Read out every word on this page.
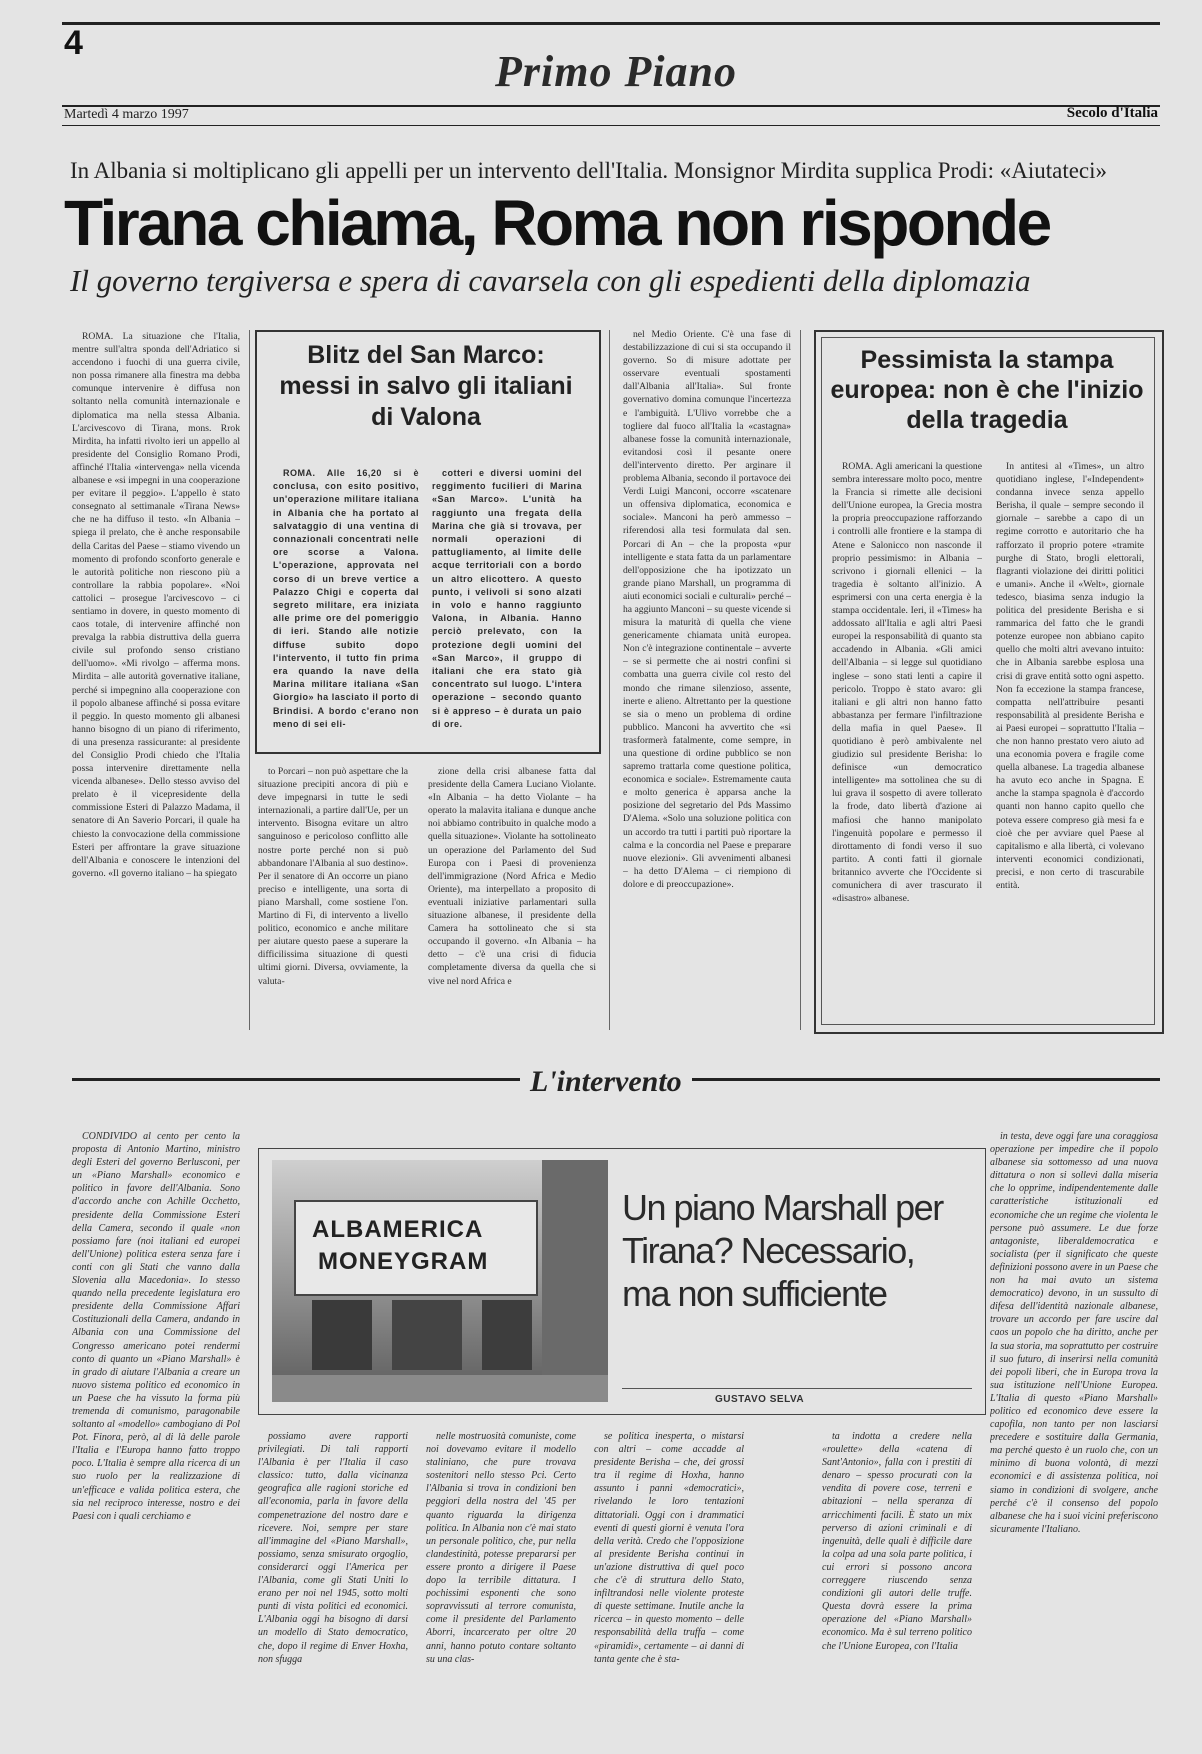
4
Primo Piano
Martedì 4 marzo 1997	Secolo d'Italia
In Albania si moltiplicano gli appelli per un intervento dell'Italia. Monsignor Mirdita supplica Prodi: «Aiutateci»
Tirana chiama, Roma non risponde
Il governo tergiversa e spera di cavarsela con gli espedienti della diplomazia

ROMA. La situazione che l'Italia, mentre sull'altra sponda dell'Adriatico si accendono i fuochi di una guerra civile, non possa rimanere alla finestra ma debba comunque intervenire è diffusa non soltanto nella comunità internazionale e diplomatica ma nella stessa Albania. L'arcivescovo di Tirana, mons. Rrok Mirdita, ha infatti rivolto ieri un appello al presidente del Consiglio Romano Prodi, affinché l'Italia «intervenga» nella vicenda albanese e «si impegni in una cooperazione per evitare il peggio». L'appello è stato consegnato al settimanale «Tirana News» che ne ha diffuso il testo. «In Albania – spiega il prelato, che è anche responsabile della Caritas del Paese – stiamo vivendo un momento di profondo sconforto generale e le autorità politiche non riescono più a controllare la rabbia popolare». «Noi cattolici – prosegue l'arcivescovo – ci sentiamo in dovere, in questo momento di caos totale, di intervenire affinché non prevalga la rabbia distruttiva della guerra civile sul profondo senso cristiano dell'uomo». «Mi rivolgo – afferma mons. Mirdita – alle autorità governative italiane, perché si impegnino alla cooperazione con il popolo albanese affinché si possa evitare il peggio. In questo momento gli albanesi hanno bisogno di un piano di riferimento, di una presenza rassicurante: al presidente del Consiglio Prodi chiedo che l'Italia possa intervenire direttamente nella vicenda albanese». Dello stesso avviso del prelato è il vicepresidente della commissione Esteri di Palazzo Madama, il senatore di An Saverio Porcari, il quale ha chiesto la convocazione della commissione Esteri per affrontare la grave situazione dell'Albania e conoscere le intenzioni del governo. «Il governo italiano – ha spiegato

to Porcari – non può aspettare che la situazione precipiti ancora di più e deve impegnarsi in tutte le sedi internazionali, a partire dall'Ue, per un intervento. Bisogna evitare un altro sanguinoso e pericoloso conflitto alle nostre porte perché non si può abbandonare l'Albania al suo destino». Per il senatore di An occorre un piano preciso e intelligente, una sorta di piano Marshall, come sostiene l'on. Martino di Fi, di intervento a livello politico, economico e anche militare per aiutare questo paese a superare la difficilissima situazione di questi ultimi giorni. Diversa, ovviamente, la valuta-

zione della crisi albanese fatta dal presidente della Camera Luciano Violante. «In Albania – ha detto Violante – ha operato la malavita italiana e dunque anche noi abbiamo contribuito in qualche modo a quella situazione». Violante ha sottolineato un operazione del Parlamento del Sud Europa con i Paesi di provenienza dell'immigrazione (Nord Africa e Medio Oriente), ma interpellato a proposito di eventuali iniziative parlamentari sulla situazione albanese, il presidente della Camera ha sottolineato che si sta occupando il governo. «In Albania – ha detto – c'è una crisi di fiducia completamente diversa da quella che si vive nel nord Africa e

nel Medio Oriente. C'è una fase di destabilizzazione di cui si sta occupando il governo. So di misure adottate per osservare eventuali spostamenti dall'Albania all'Italia». Sul fronte governativo domina comunque l'incertezza e l'ambiguità. L'Ulivo vorrebbe che a togliere dal fuoco all'Italia la «castagna» albanese fosse la comunità internazionale, evitandosi così il pesante onere dell'intervento diretto. Per arginare il problema Albania, secondo il portavoce dei Verdi Luigi Manconi, occorre «scatenare un offensiva diplomatica, economica e sociale». Manconi ha però ammesso – riferendosi alla tesi formulata dal sen. Porcari di An – che la proposta «pur intelligente e stata fatta da un parlamentare dell'opposizione che ha ipotizzato un grande piano Marshall, un programma di aiuti economici sociali e culturali» perché – ha aggiunto Manconi – su queste vicende si misura la maturità di quella che viene genericamente chiamata unità europea. Non c'è integrazione continentale – avverte – se si permette che ai nostri confini si combatta una guerra civile col resto del mondo che rimane silenzioso, assente, inerte e alieno. Altrettanto per la questione se sia o meno un problema di ordine pubblico. Manconi ha avvertito che «si trasformerà fatalmente, come sempre, in una questione di ordine pubblico se non sapremo trattarla come questione politica, economica e sociale». Estremamente cauta e molto generica è apparsa anche la posizione del segretario del Pds Massimo D'Alema. «Solo una soluzione politica con un accordo tra tutti i partiti può riportare la calma e la concordia nel Paese e preparare nuove elezioni». Gli avvenimenti albanesi – ha detto D'Alema – ci riempiono di dolore e di preoccupazione».

Blitz del San Marco: messi in salvo gli italiani di Valona

ROMA. Alle 16,20 si è conclusa, con esito positivo, un'operazione militare italiana in Albania che ha portato al salvataggio di una ventina di connazionali concentrati nelle ore scorse a Valona. L'operazione, approvata nel corso di un breve vertice a Palazzo Chigi e coperta dal segreto militare, era iniziata alle prime ore del pomeriggio di ieri. Stando alle notizie diffuse subito dopo l'intervento, il tutto fin prima era quando la nave della Marina militare italiana «San Giorgio» ha lasciato il porto di Brindisi. A bordo c'erano non meno di sei eli-

cotteri e diversi uomini del reggimento fucilieri di Marina «San Marco». L'unità ha raggiunto una fregata della Marina che già si trovava, per normali operazioni di pattugliamento, al limite delle acque territoriali con a bordo un altro elicottero. A questo punto, i velivoli si sono alzati in volo e hanno raggiunto Valona, in Albania. Hanno perciò prelevato, con la protezione degli uomini del «San Marco», il gruppo di italiani che era stato già concentrato sul luogo. L'intera operazione – secondo quanto si è appreso – è durata un paio di ore.

Pessimista la stampa europea: non è che l'inizio della tragedia

ROMA. Agli americani la questione sembra interessare molto poco, mentre la Francia si rimette alle decisioni dell'Unione europea, la Grecia mostra la propria preoccupazione rafforzando i controlli alle frontiere e la stampa di Atene e Salonicco non nasconde il proprio pessimismo: in Albania – scrivono i giornali ellenici – la tragedia è soltanto all'inizio. A esprimersi con una certa energia è la stampa occidentale. Ieri, il «Times» ha addossato all'Italia e agli altri Paesi europei la responsabilità di quanto sta accadendo in Albania. «Gli amici dell'Albania – si legge sul quotidiano inglese – sono stati lenti a capire il pericolo. Troppo è stato avaro: gli italiani e gli altri non hanno fatto abbastanza per fermare l'infiltrazione della mafia in quel Paese». Il quotidiano è però ambivalente nel giudizio sul presidente Berisha: lo definisce «un democratico intelligente» ma sottolinea che su di lui grava il sospetto di avere tollerato la frode, dato libertà d'azione ai mafiosi che hanno manipolato l'ingenuità popolare e permesso il dirottamento di fondi verso il suo partito. A conti fatti il giornale britannico avverte che l'Occidente si comunichera di aver trascurato il «disastro» albanese.

In antitesi al «Times», un altro quotidiano inglese, l'«Independent» condanna invece senza appello Berisha, il quale – sempre secondo il giornale – sarebbe a capo di un regime corrotto e autoritario che ha rafforzato il proprio potere «tramite purghe di Stato, brogli elettorali, flagranti violazione dei diritti politici e umani». Anche il «Welt», giornale tedesco, biasima senza indugio la politica del presidente Berisha e si rammarica del fatto che le grandi potenze europee non abbiano capito quello che molti altri avevano intuito: che in Albania sarebbe esplosa una crisi di grave entità sotto ogni aspetto. Non fa eccezione la stampa francese, compatta nell'attribuire pesanti responsabilità al presidente Berisha e ai Paesi europei – soprattutto l'Italia – che non hanno prestato vero aiuto ad una economia povera e fragile come quella albanese. La tragedia albanese ha avuto eco anche in Spagna. E anche la stampa spagnola è d'accordo quanti non hanno capito quello che poteva essere compreso già mesi fa e cioè che per avviare quel Paese al capitalismo e alla libertà, ci volevano interventi economici condizionati, precisi, e non certo di trascurabile entità.

L'intervento

CONDIVIDO al cento per cento la proposta di Antonio Martino, ministro degli Esteri del governo Berlusconi, per un «Piano Marshall» economico e politico in favore dell'Albania. Sono d'accordo anche con Achille Occhetto, presidente della Commissione Esteri della Camera, secondo il quale «non possiamo fare (noi italiani ed europei dell'Unione) politica estera senza fare i conti con gli Stati che vanno dalla Slovenia alla Macedonia». Io stesso quando nella precedente legislatura ero presidente della Commissione Affari Costituzionali della Camera, andando in Albania con una Commissione del Congresso americano potei rendermi conto di quanto un «Piano Marshall» è in grado di aiutare l'Albania a creare un nuovo sistema politico ed economico in un Paese che ha vissuto la forma più tremenda di comunismo, paragonabile soltanto al «modello» cambogiano di Pol Pot. Finora, però, al di là delle parole l'Italia e l'Europa hanno fatto troppo poco. L'Italia è sempre alla ricerca di un suo ruolo per la realizzazione di un'efficace e valida politica estera, che sia nel reciproco interesse, nostro e dei Paesi con i quali cerchiamo e

ALBAMERICA
MONEYGRAM
Un piano Marshall per Tirana? Necessario, ma non sufficiente
GUSTAVO SELVA

possiamo avere rapporti privilegiati. Di tali rapporti l'Albania è per l'Italia il caso classico: tutto, dalla vicinanza geografica alle ragioni storiche ed all'economia, parla in favore della compenetrazione del nostro dare e ricevere. Noi, sempre per stare all'immagine del «Piano Marshall», possiamo, senza smisurato orgoglio, considerarci oggi l'America per l'Albania, come gli Stati Uniti lo erano per noi nel 1945, sotto molti punti di vista politici ed economici. L'Albania oggi ha bisogno di darsi un modello di Stato democratico, che, dopo il regime di Enver Hoxha, non sfugga

nelle mostruosità comuniste, come noi dovevamo evitare il modello staliniano, che pure trovava sostenitori nello stesso Pci. Certo l'Albania si trova in condizioni ben peggiori della nostra del '45 per quanto riguarda la dirigenza politica. In Albania non c'è mai stato un personale politico, che, pur nella clandestinità, potesse prepararsi per essere pronto a dirigere il Paese dopo la terribile dittatura. I pochissimi esponenti che sono sopravvissuti al terrore comunista, come il presidente del Parlamento Aborri, incarcerato per oltre 20 anni, hanno potuto contare soltanto su una clas-

se politica inesperta, o mistarsi con altri – come accadde al presidente Berisha – che, dei grossi tra il regime di Hoxha, hanno assunto i panni «democratici», rivelando le loro tentazioni dittatoriali. Oggi con i drammatici eventi di questi giorni è venuta l'ora della verità. Credo che l'opposizione al presidente Berisha continui in un'azione distruttiva di quel poco che c'è di struttura dello Stato, infiltrandosi nelle violente proteste di queste settimane. Inutile anche la ricerca – in questo momento – delle responsabilità della truffa – come «piramidi», certamente – ai danni di tanta gente che è sta-

ta indotta a credere nella «roulette» della «catena di Sant'Antonio», falla con i prestiti di denaro – spesso procurati con la vendita di povere cose, terreni e abitazioni – nella speranza di arricchimenti facili. È stato un mix perverso di azioni criminali e di ingenuità, delle quali è difficile dare la colpa ad una sola parte politica, i cui errori si possono ancora correggere riuscendo senza condizioni gli autori delle truffe. Questa dovrà essere la prima operazione del «Piano Marshall» economico. Ma è sul terreno politico che l'Unione Europea, con l'Italia

in testa, deve oggi fare una coraggiosa operazione per impedire che il popolo albanese sia sottomesso ad una nuova dittatura o non si sollevi dalla miseria che lo opprime, indipendentemente dalle caratteristiche istituzionali ed economiche che un regime che violenta le persone può assumere. Le due forze antagoniste, liberaldemocratica e socialista (per il significato che queste definizioni possono avere in un Paese che non ha mai avuto un sistema democratico) devono, in un sussulto di difesa dell'identità nazionale albanese, trovare un accordo per fare uscire dal caos un popolo che ha diritto, anche per la sua storia, ma soprattutto per costruire il suo futuro, di inserirsi nella comunità dei popoli liberi, che in Europa trova la sua istituzione nell'Unione Europea. L'Italia di questo «Piano Marshall» politico ed economico deve essere la capofila, non tanto per non lasciarsi precedere e sostituire dalla Germania, ma perché questo è un ruolo che, con un minimo di buona volontà, di mezzi economici e di assistenza politica, noi siamo in condizioni di svolgere, anche perché c'è il consenso del popolo albanese che ha i suoi vicini preferiscono sicuramente l'Italiano.
